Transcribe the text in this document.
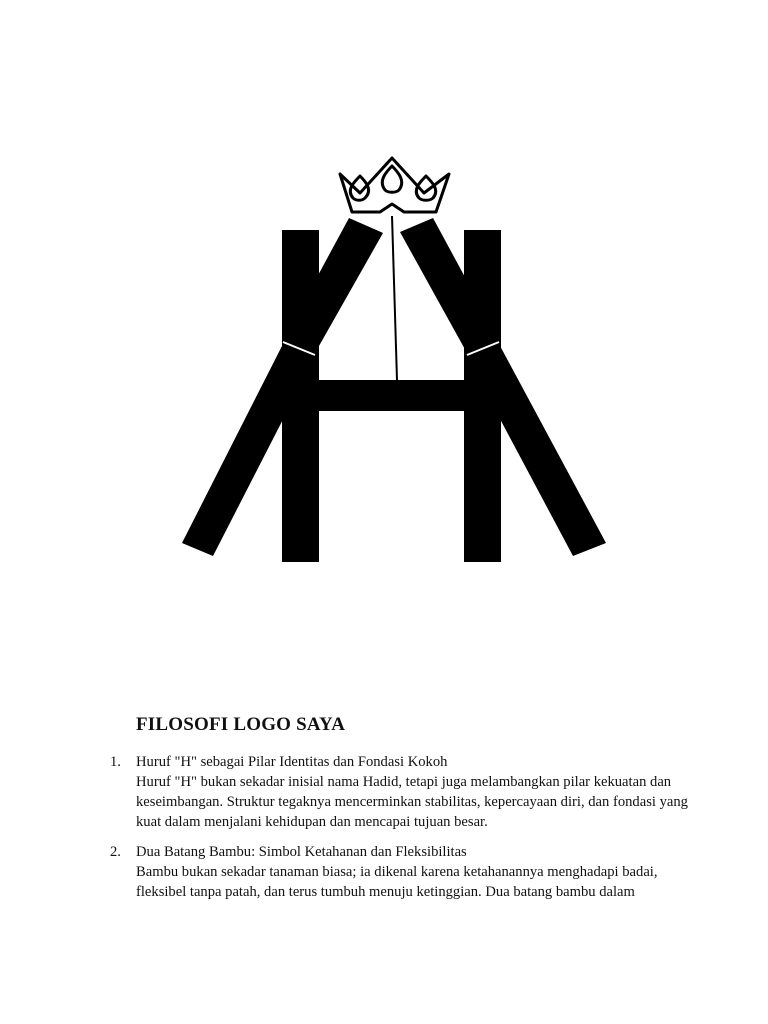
FILOSOFI LOGO SAYA
1. Huruf "H" sebagai Pilar Identitas dan Fondasi Kokoh
Huruf "H" bukan sekadar inisial nama Hadid, tetapi juga melambangkan pilar kekuatan dan keseimbangan. Struktur tegaknya mencerminkan stabilitas, kepercayaan diri, dan fondasi yang kuat dalam menjalani kehidupan dan mencapai tujuan besar.
2. Dua Batang Bambu: Simbol Ketahanan dan Fleksibilitas
Bambu bukan sekadar tanaman biasa; ia dikenal karena ketahanannya menghadapi badai, fleksibel tanpa patah, dan terus tumbuh menuju ketinggian. Dua batang bambu dalam
